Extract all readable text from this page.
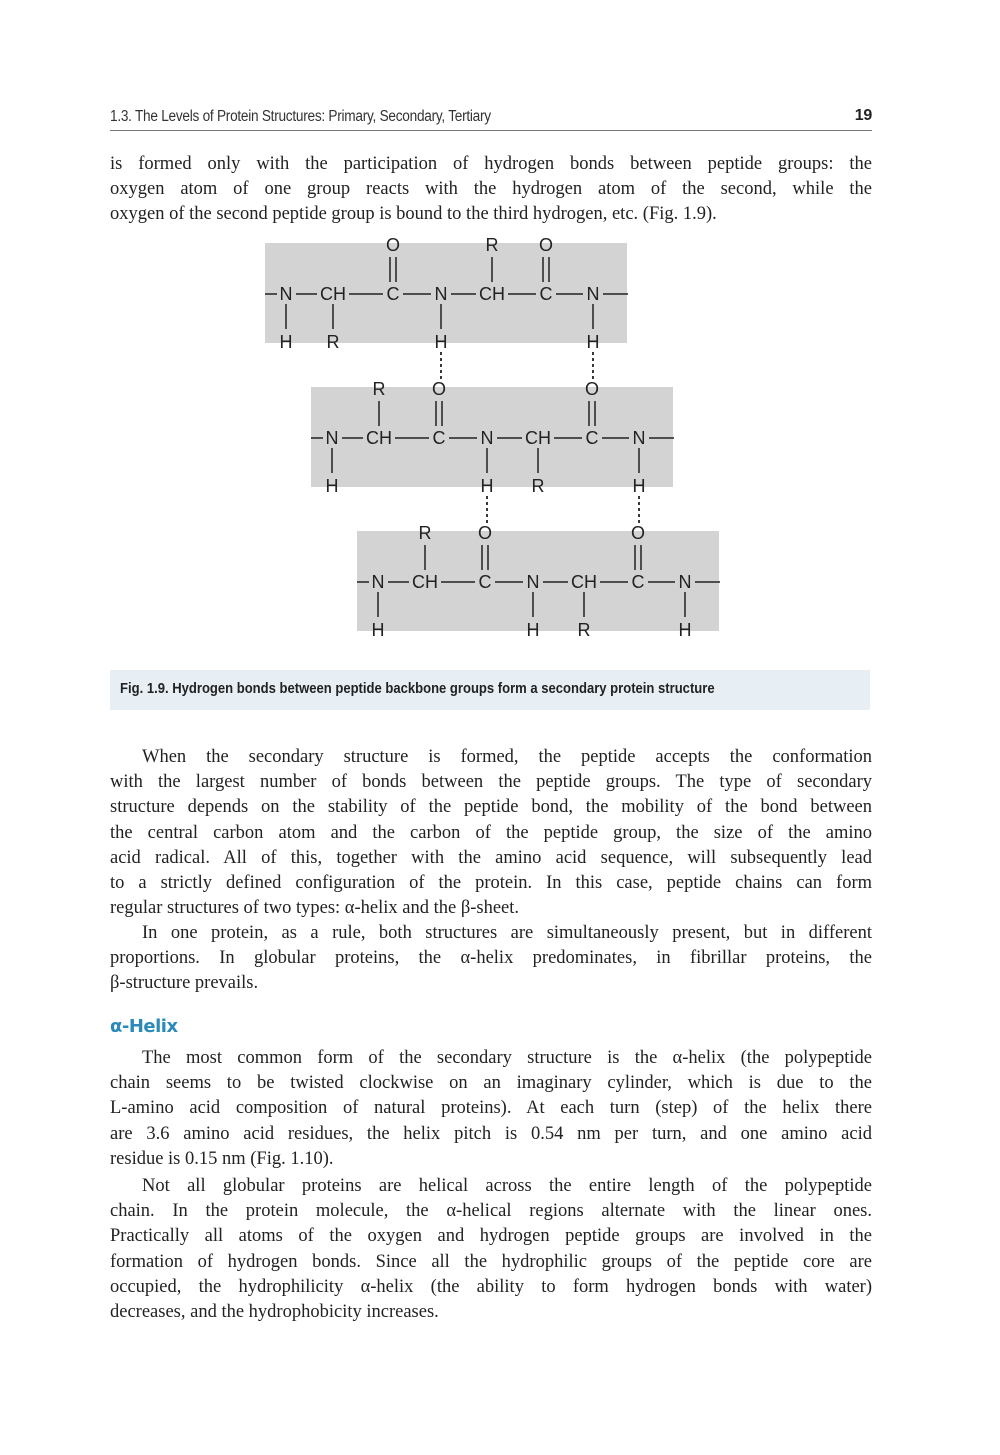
1.3. The Levels of Protein Structures: Primary, Secondary, Tertiary	19
is formed only with the participation of hydrogen bonds between peptide groups: the
oxygen atom of one group reacts with the hydrogen atom of the second, while the
oxygen of the second peptide group is bound to the third hydrogen, etc. (Fig. 1.9).
N CH C N CH C N
O	R O
H R	H	H
N CH C N CH C N
R	O	O
H	H R	H
N CH C N CH C N
R	O	O
H	H R	H
Fig. 1.9. Hydrogen bonds between peptide backbone groups form a secondary protein structure
When the secondary structure is formed, the peptide accepts the conformation
with the largest number of bonds between the peptide groups. The type of secondary
structure depends on the stability of the peptide bond, the mobility of the bond between
the central carbon atom and the carbon of the peptide group, the size of the amino
acid radical. All of this, together with the amino acid sequence, will subsequently lead
to a strictly defined configuration of the protein. In this case, peptide chains can form
regular structures of two types: α-helix and the β-sheet.
In one protein, as a rule, both structures are simultaneously present, but in different
proportions. In globular proteins, the α-helix predominates, in fibrillar proteins, the
β-structure prevails.
α-Helix
The most common form of the secondary structure is the α-helix (the polypeptide
chain seems to be twisted clockwise on an imaginary cylinder, which is due to the
L-amino acid composition of natural proteins). At each turn (step) of the helix there
are 3.6 amino acid residues, the helix pitch is 0.54 nm per turn, and one amino acid
residue is 0.15 nm (Fig. 1.10).
Not all globular proteins are helical across the entire length of the polypeptide
chain. In the protein molecule, the α-helical regions alternate with the linear ones.
Practically all atoms of the oxygen and hydrogen peptide groups are involved in the
formation of hydrogen bonds. Since all the hydrophilic groups of the peptide core are
occupied, the hydrophilicity α-helix (the ability to form hydrogen bonds with water)
decreases, and the hydrophobicity increases.
